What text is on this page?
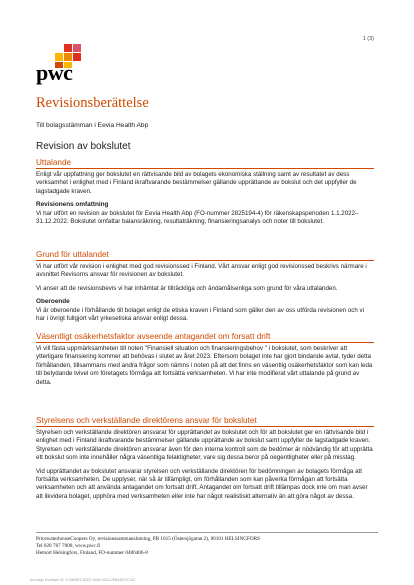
1 (3)
pwc
Revisionsberättelse
Till bolagsstämman i Eevia Health Abp
Revision av bokslutet
Uttalande

Enligt vår uppfattning ger bokslutet en rättvisande bild av bolagets ekonomiska ställning samt av resultatet av dess verksamhet i enlighet med i Finland ikraftvarande bestämmelser gällande upprättande av bokslut och det uppfyller de lagstadgade kraven.

Revisionens omfattning

Vi har utfört en revision av bokslutet för Eevia Health Abp (FO-nummer 2825194-4) för räkenskapsperioden 1.1.2022–31.12.2022. Bokslutet omfattar balansräkning, resultaträkning, finansieringsanalys och noter till bokslutet.

Grund för uttalandet

Vi har utfört vår revision i enlighet med god revisionssed i Finland. Vårt ansvar enligt god revisionssed beskrivs närmare i avsnittet Revisorns ansvar för revisionen av bokslutet.

Vi anser att de revisionsbevis vi har inhämtat är tillräckliga och ändamålsenliga som grund för våra uttalanden.

Oberoende

Vi är oberoende i förhållande till bolaget enligt de etiska kraven i Finland som gäller den av oss utförda revisionen och vi har i övrigt fullgjort vårt yrkesetiska ansvar enligt dessa.

Väsentligt osäkerhetsfaktor avseende antagandet om forsatt drift

Vi vill fästa uppmärksamheten till noten "Finansiell situation och finansieringsbehov " i bokslutet, som beskriver att ytterligare finansiering kommer att behövas i slutet av året 2023. Eftersom bolaget inte har gjort bindande avtal, tyder detta förhållanden, tillsammans med andra frågor som nämns i noten på att det finns en väsentlig osäkerhetsfaktor som kan leda till betydande tvivel om företagets förmåga att fortsätta verksamheten. Vi har inte modifierat vårt uttalande på grund av detta.

Styrelsens och verkställande direktörens ansvar för bokslutet

Styrelsen och verkställande direktören ansvarar för upprättandet av bokslutet och för att bokslutet ger en rättvisande bild i enlighet med i Finland ikraftvarande bestämmelser gällande upprättande av bokslut samt uppfyller de lagstadgade kraven. Styrelsen och verkställande direktören ansvarar även för den interna kontroll som de bedömer är nödvändig för att upprätta ett bokslut som inte innehåller några väsentliga felaktigheter, vare sig dessa beror på oegentligheter eller på misstag.

Vid upprättandet av bokslutet ansvarar styrelsen och verkställande direktören för bedömningen av bolagets förmåga att fortsätta verksamheten. De upplyser, när så är tillämpligt, om förhållanden som kan påverka förmågan att fortsätta verksamheten och att använda antagandet om fortsatt drift. Antagandet om fortsatt drift tillämpas dock inte om man avser att likvidera bolaget, upphöra med verksamheten eller inte har något realistiskt alternativ än att göra något av dessa.

PricewaterhouseCoopers Oy, revisionssammanslutning, PB 1015 (Östersjögatan 2), 00101 HELSINGFORS
Tel 020 787 7000, www.pwc.fi
Hemort Helsingfors, Finland, FO-nummer 0486406-8
Docusign Envelope ID: 2C54B5F2-B3CE-4A84-9A1A-2EBA3870C7A2
